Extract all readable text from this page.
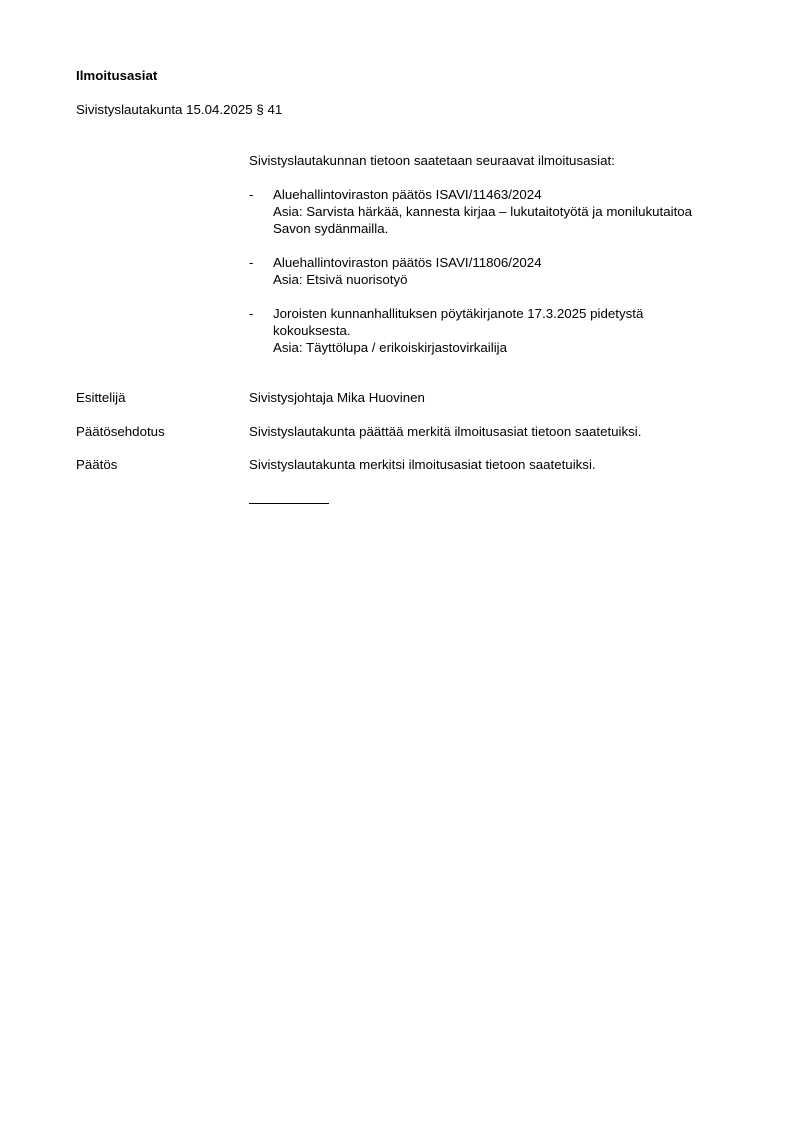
Ilmoitusasiat
Sivistyslautakunta 15.04.2025 § 41
Sivistyslautakunnan tietoon saatetaan seuraavat ilmoitusasiat:
- Aluehallintoviraston päätös ISAVI/11463/2024
Asia: Sarvista härkää, kannesta kirjaa – lukutaitotyötä ja monilukutaitoa
Savon sydänmailla.
- Aluehallintoviraston päätös ISAVI/11806/2024
Asia: Etsivä nuorisotyö
- Joroisten kunnanhallituksen pöytäkirjanote 17.3.2025 pidetystä
kokouksesta.
Asia: Täyttölupa / erikoiskirjastovirkailija
Esittelijä	Sivistysjohtaja Mika Huovinen
Päätösehdotus	Sivistyslautakunta päättää merkitä ilmoitusasiat tietoon saatetuiksi.
Päätös	Sivistyslautakunta merkitsi ilmoitusasiat tietoon saatetuiksi.
